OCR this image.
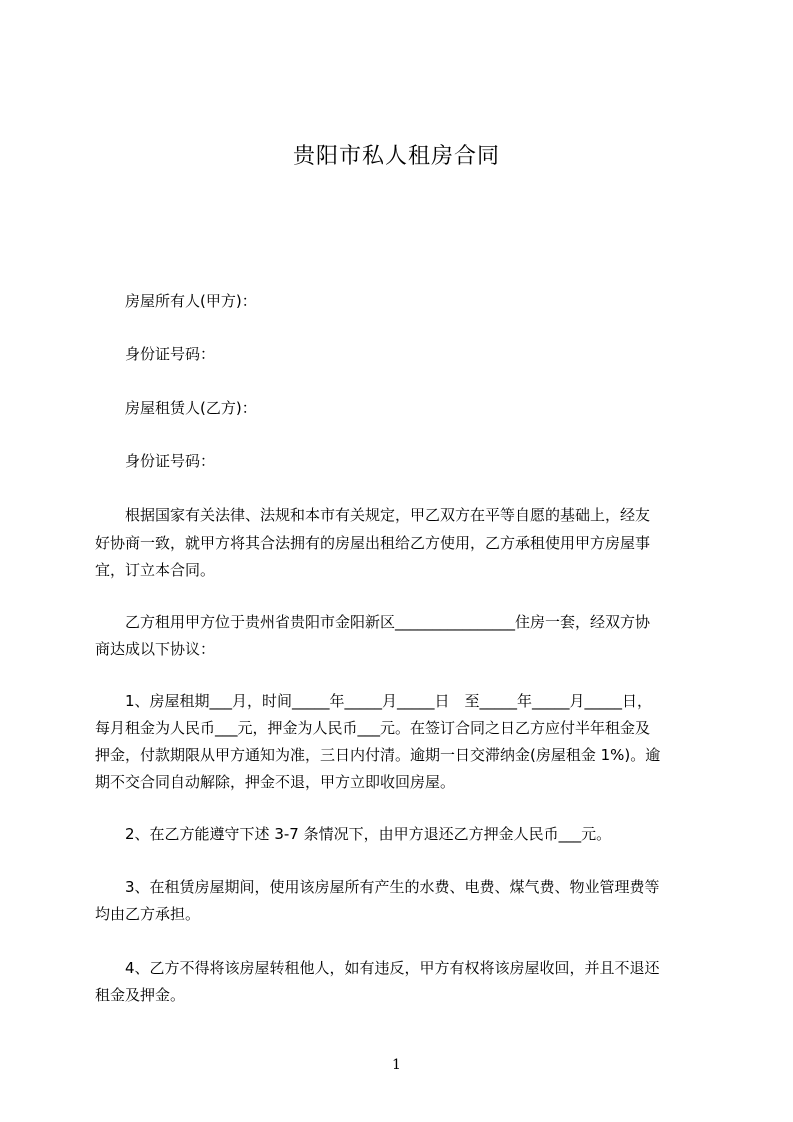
贵阳市私人租房合同
　　房屋所有人(甲方)：
　　身份证号码：
　　房屋租赁人(乙方)：
　　身份证号码：
　　根据国家有关法律、法规和本市有关规定，甲乙双方在平等自愿的基础上，经友
好协商一致，就甲方将其合法拥有的房屋出租给乙方使用，乙方承租使用甲方房屋事
宜，订立本合同。
　　乙方租用甲方位于贵州省贵阳市金阳新区________________住房一套，经双方协
商达成以下协议：
　　1、房屋租期___月，时间_____年_____月_____日　至_____年_____月_____日，
每月租金为人民币___元，押金为人民币___元。在签订合同之日乙方应付半年租金及
押金，付款期限从甲方通知为准，三日内付清。逾期一日交滞纳金(房屋租金 1%)。逾
期不交合同自动解除，押金不退，甲方立即收回房屋。
　　2、在乙方能遵守下述 3-7 条情况下，由甲方退还乙方押金人民币___元。
　　3、在租赁房屋期间，使用该房屋所有产生的水费、电费、煤气费、物业管理费等
均由乙方承担。
　　4、乙方不得将该房屋转租他人，如有违反，甲方有权将该房屋收回，并且不退还
租金及押金。
1
